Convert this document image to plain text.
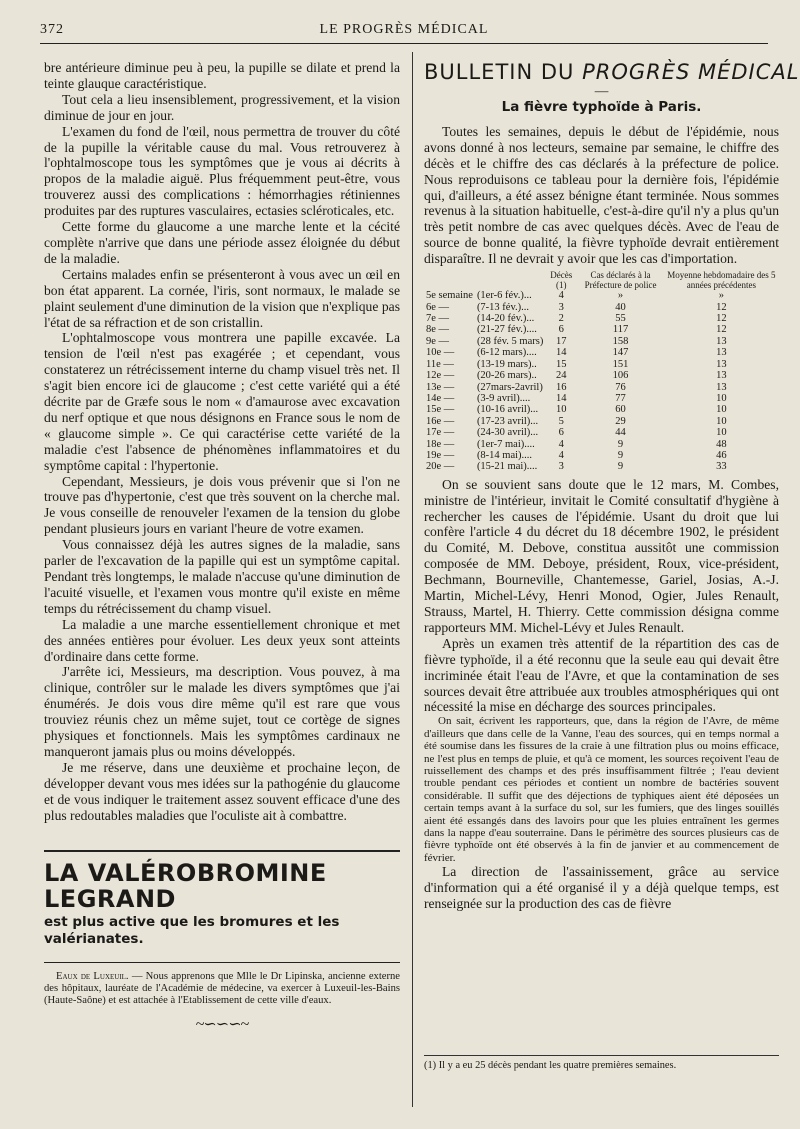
372	LE PROGRÈS MÉDICAL

bre antérieure diminue peu à peu, la pupille se dilate et prend la teinte glauque caractéristique.

Tout cela a lieu insensiblement, progressivement, et la vision diminue de jour en jour.

L'examen du fond de l'œil, nous permettra de trouver du côté de la pupille la véritable cause du mal. Vous retrouverez à l'ophtalmoscope tous les symptômes que je vous ai décrits à propos de la maladie aiguë. Plus fréquemment peut-être, vous trouverez aussi des complications : hémorrhagies rétiniennes produites par des ruptures vasculaires, ectasies scléroticales, etc.

Cette forme du glaucome a une marche lente et la cécité complète n'arrive que dans une période assez éloignée du début de la maladie.

Certains malades enfin se présenteront à vous avec un œil en bon état apparent. La cornée, l'iris, sont normaux, le malade se plaint seulement d'une diminution de la vision que n'explique pas l'état de sa réfraction et de son cristallin.

L'ophtalmoscope vous montrera une papille excavée. La tension de l'œil n'est pas exagérée ; et cependant, vous constaterez un rétrécissement interne du champ visuel très net. Il s'agit bien encore ici de glaucome ; c'est cette variété qui a été décrite par de Græfe sous le nom « d'amaurose avec excavation du nerf optique et que nous désignons en France sous le nom de « glaucome simple ». Ce qui caractérise cette variété de la maladie c'est l'absence de phénomènes inflammatoires et du symptôme capital : l'hypertonie.

Cependant, Messieurs, je dois vous prévenir que si l'on ne trouve pas d'hypertonie, c'est que très souvent on la cherche mal. Je vous conseille de renouveler l'examen de la tension du globe pendant plusieurs jours en variant l'heure de votre examen.

Vous connaissez déjà les autres signes de la maladie, sans parler de l'excavation de la papille qui est un symptôme capital. Pendant très longtemps, le malade n'accuse qu'une diminution de l'acuité visuelle, et l'examen vous montre qu'il existe en même temps du rétrécissement du champ visuel.

La maladie a une marche essentiellement chronique et met des années entières pour évoluer. Les deux yeux sont atteints d'ordinaire dans cette forme.

J'arrête ici, Messieurs, ma description. Vous pouvez, à ma clinique, contrôler sur le malade les divers symptômes que j'ai énumérés. Je dois vous dire même qu'il est rare que vous trouviez réunis chez un même sujet, tout ce cortège de signes physiques et fonctionnels. Mais les symptômes cardinaux ne manqueront jamais plus ou moins développés.

Je me réserve, dans une deuxième et prochaine leçon, de développer devant vous mes idées sur la pathogénie du glaucome et de vous indiquer le traitement assez souvent efficace d'une des plus redoutables maladies que l'oculiste ait à combattre.

LA VALÉROBROMINE LEGRAND
est plus active que les bromures et les valérianates.

Eaux de Luxeuil. — Nous apprenons que Mlle le Dr Lipinska, ancienne externe des hôpitaux, lauréate de l'Académie de médecine, va exercer à Luxeuil-les-Bains (Haute-Saône) et est attachée à l'Etablissement de cette ville d'eaux.

~∽∽∽~
BULLETIN DU PROGRÈS MÉDICAL
—
La fièvre typhoïde à Paris.

Toutes les semaines, depuis le début de l'épidémie, nous avons donné à nos lecteurs, semaine par semaine, le chiffre des décès et le chiffre des cas déclarés à la préfecture de police. Nous reproduisons ce tableau pour la dernière fois, l'épidémie qui, d'ailleurs, a été assez bénigne étant terminée. Nous sommes revenus à la situation habituelle, c'est-à-dire qu'il n'y a plus qu'un très petit nombre de cas avec quelques décès. Avec de l'eau de source de bonne qualité, la fièvre typhoïde devrait entièrement disparaître. Il ne devrait y avoir que les cas d'importation.

		Décès (1)	Cas déclarés à la Préfecture de police	Moyenne hebdomadaire des 5 années précédentes
5e semaine	(1er-6 fév.)...	4	»	»
6e —	(7-13 fév.)...	3	40	12
7e —	(14-20 fév.)...	2	55	12
8e —	(21-27 fév.)....	6	117	12
9e —	(28 fév. 5 mars)	17	158	13
10e —	(6-12 mars)....	14	147	13
11e —	(13-19 mars)..	15	151	13
12e —	(20-26 mars)..	24	106	13
13e —	(27mars-2avril)	16	76	13
14e —	(3-9 avril)....	14	77	10
15e —	(10-16 avril)...	10	60	10
16e —	(17-23 avril)...	5	29	10
17e —	(24-30 avril)...	6	44	10
18e —	(1er-7 mai)....	4	9	48
19e —	(8-14 mai)....	4	9	46
20e —	(15-21 mai)....	3	9	33

On se souvient sans doute que le 12 mars, M. Combes, ministre de l'intérieur, invitait le Comité consultatif d'hygiène à rechercher les causes de l'épidémie. Usant du droit que lui confère l'article 4 du décret du 18 décembre 1902, le président du Comité, M. Debove, constitua aussitôt une commission composée de MM. Deboye, président, Roux, vice-président, Bechmann, Bourneville, Chantemesse, Gariel, Josias, A.-J. Martin, Michel-Lévy, Henri Monod, Ogier, Jules Renault, Strauss, Martel, H. Thierry. Cette commission désigna comme rapporteurs MM. Michel-Lévy et Jules Renault.

Après un examen très attentif de la répartition des cas de fièvre typhoïde, il a été reconnu que la seule eau qui devait être incriminée était l'eau de l'Avre, et que la contamination de ses sources devait être attribuée aux troubles atmosphériques qui ont nécessité la mise en décharge des sources principales.

On sait, écrivent les rapporteurs, que, dans la région de l'Avre, de même d'ailleurs que dans celle de la Vanne, l'eau des sources, qui en temps normal a été soumise dans les fissures de la craie à une filtration plus ou moins efficace, ne l'est plus en temps de pluie, et qu'à ce moment, les sources reçoivent l'eau de ruissellement des champs et des prés insuffisamment filtrée ; l'eau devient trouble pendant ces périodes et contient un nombre de bactéries souvent considérable. Il suffit que des déjections de typhiques aient été déposées un certain temps avant à la surface du sol, sur les fumiers, que des linges souillés aient été essangés dans des lavoirs pour que les pluies entraînent les germes dans la nappe d'eau souterraine. Dans le périmètre des sources plusieurs cas de fièvre typhoïde ont été observés à la fin de janvier et au commencement de février.

La direction de l'assainissement, grâce au service d'information qui a été organisé il y a déjà quelque temps, est renseignée sur la production des cas de fièvre

(1) Il y a eu 25 décès pendant les quatre premières semaines.
